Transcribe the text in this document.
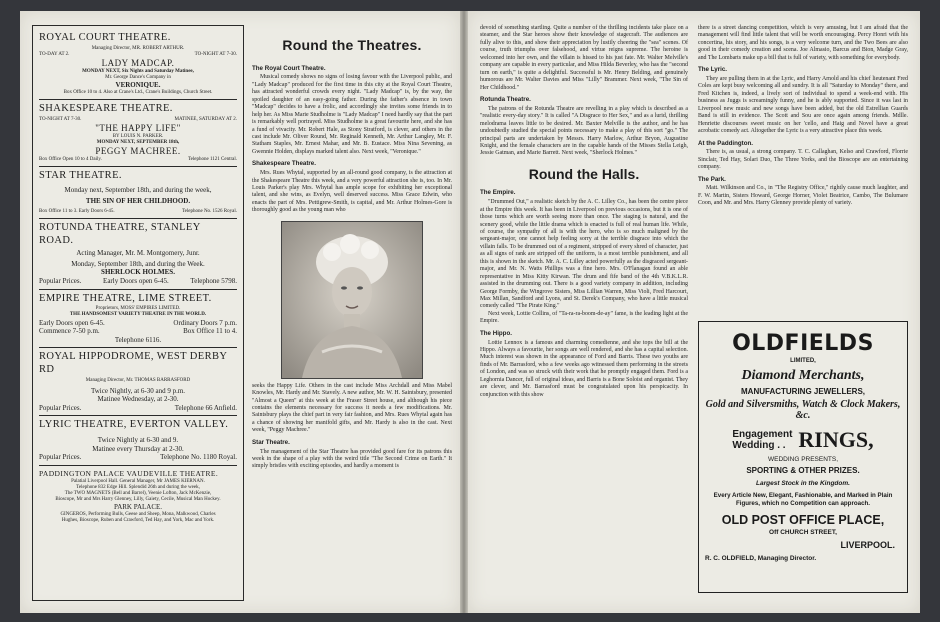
ROYAL COURT THEATRE.
Managing Director, MR. ROBERT ARTHUR.
TO-DAY AT 2.	TO-NIGHT AT 7-30.
LADY MADCAP.
MONDAY NEXT, Six Nights and Saturday Matinee,
Mr. George Dance's Company in
VERONIQUE.
Box Office 10 to 4. Also at Crane's Ltd., Crane's Buildings, Church Street.
SHAKESPEARE THEATRE.
TO-NIGHT AT 7-30.	MATINEE, SATURDAY AT 2.
"THE HAPPY LIFE"
BY LOUIS N. PARKER.
MONDAY NEXT, SEPTEMBER 18th,
PEGGY MACHREE.
Box Office Open 10 to 4 Daily.	Telephone 1121 Central.
STAR THEATRE.
Monday next, September 18th, and during the week,
THE SIN OF HER CHILDHOOD.
Box Office 11 to 3. Early Doors 6-45.	Telephone No. 1526 Royal.
ROTUNDA THEATRE, STANLEY ROAD.
Acting Manager, Mr. M. Montgomery, Junr.
Monday, September 18th, and during the Week.
SHERLOCK HOLMES.
Popular Prices.	Early Doors open 6-45.	Telephone 5798.
EMPIRE THEATRE, LIME STREET.
Proprietors, MOSS' EMPIRES LIMITED.
THE HANDSOMEST VARIETY THEATRE IN THE WORLD.
Early Doors open 6-45.	Ordinary Doors 7 p.m.
Commence 7-50 p.m.	Box Office 11 to 4.
Telephone 6116.
ROYAL HIPPODROME, WEST DERBY RD
Managing Director, Mr. THOMAS BARRASFORD
Twice Nightly, at 6-30 and 9 p.m.
Matinee Wednesday, at 2-30.
Popular Prices.	Telephone 66 Anfield.
LYRIC THEATRE, EVERTON VALLEY.
Twice Nightly at 6-30 and 9.
Matinee every Thursday at 2-30.
Popular Prices.	Telephone No. 1180 Royal.
PADDINGTON PALACE VAUDEVILLE THEATRE.
Palatial Liverpool Hall. General Manager, Mr JAMES KIERNAN.
Telephone 832 Edge Hill. Splendid 26th and during the week,
The TWO MAGNETS (Bell and Barrel), Veenie Lofton, Jack McKenzie,
Bioscope, Mr and Mrs Harry Glenney, Lilly, Gaiety, Cecile, Musical Man Hockey.
PARK PALACE.
GINGEROS, Performing Bulls, Geese and Sheep, Mona, Malkwood, Charles
Hughes, Bioscope, Ruben and Crawford, Ted Hay, and York, Mac and York.
Round the Theatres.
The Royal Court Theatre.

Musical comedy shows no signs of losing favour with the Liverpool public, and "Lady Madcap" produced for the first time in this city at the Royal Court Theatre, has attracted wonderful crowds every night. "Lady Madcap" is, by the way, the spoiled daughter of an easy-going father. During the father's absence in town "Madcap" decides to have a frolic, and accordingly she invites some friends in to help her. As Miss Marie Studholme is "Lady Madcap" I need hardly say that the part is remarkably well portrayed. Miss Studholme is a great favourite here, and she has a fund of vivacity. Mr. Robert Hale, as Stony Stratford, is clever, and others in the cast include Mr. Oliver Round, Mr. Reginald Kenneth, Mr. Arthur Langley, Mr. F. Statham Staples, Mr. Ernest Mahar, and Mr. B. Eustace. Miss Nina Sevening, as Gwennie Holden, displays marked talent also. Next week, "Veronique."

Shakespeare Theatre.

Mrs. Rues Whytal, supported by an all-round good company, is the attraction at the Shakespeare Theatre this week, and a very powerful attraction she is, too. In Mr. Louis Parker's play Mrs. Whytal has ample scope for exhibiting her exceptional talent, and she wins, as Evelyn, well deserved success. Miss Grace Edwin, who enacts the part of Mrs. Pettigrew-Smith, is capital, and Mr. Arthur Holmes-Gore is thoroughly good as the young man who

seeks the Happy Life. Others in the cast include Miss Archdall and Miss Mabel Knowles, Mr. Hardy and Mr. Stavely. A new author, Mr. W. H. Saintsbury, presented "Almost a Queen" at this week at the Fraser Street house, and although his piece contains the elements necessary for success it needs a few modifications. Mr. Saintsbury plays the chief part in very fair fashion, and Mrs. Rues Whytal again has a chance of showing her manifold gifts, and Mr. Hardy is also in the cast. Next week, "Peggy Machree."

Star Theatre.

The management of the Star Theatre has provided good fare for its patrons this week in the shape of a play with the weird title "The Second Crime on Earth." It simply bristles with exciting episodes, and hardly a moment is

devoid of something startling. Quite a number of the thrilling incidents take place on a steamer, and the Star heroes show their knowledge of stagecraft. The audiences are fully alive to this, and show their appreciation by lustily cheering the "sea" scenes. Of course, truth triumphs over falsehood, and virtue reigns supreme. The heroine is welcomed into her own, and the villain is hissed to his just fate. Mr. Walter Melville's company are capable in every particular, and Miss Hilda Beverley, who has the "second turn on earth," is quite a delightful. Successful is Mr. Henry Belding, and genuinely humorous are Mr. Walter Davies and Miss "Lilly" Brammer. Next week, "The Sin of Her Childhood."

Rotunda Theatre.

The patrons of the Rotunda Theatre are revelling in a play which is described as a "realistic every-day story." It is called "A Disgrace to Her Sex," and as a lurid, thrilling melodrama leaves little to be desired. Mr. Baxter Melville is the author, and he has undoubtedly studied the special points necessary to make a play of this sort "go." The principal parts are undertaken by Messrs. Harry Marlow, Arthur Bryon, Augustine Knight, and the female characters are in the capable hands of the Misses Stella Leigh, Jessie Gatman, and Marie Barrett. Next week, "Sherlock Holmes."

Round the Halls.
The Empire.

"Drummed Out," a realistic sketch by the A. C. Lilley Co., has been the centre piece at the Empire this week. It has been in Liverpool on previous occasions, but it is one of those turns which are worth seeing more than once. The staging is natural, and the scenery good, while the little drama which is enacted is full of real human life. While, of course, the sympathy of all is with the hero, who is so much maligned by the sergeant-major, one cannot help feeling sorry at the terrible disgrace into which the villain falls. To be drummed out of a regiment, stripped of every shred of character, just as all signs of rank are stripped off the uniform, is a most terrible punishment, and all this is shown in the sketch. Mr. A. C. Lilley acted powerfully as the disgraced sergeant-major, and Mr. N. Watts Phillips was a fine hero. Mrs. O'Flanagan found an able representative in Miss Kitty Kirwan. The drum and fife band of the 4th V.B.K.L.R. assisted in the drumming out. There is a good variety company in addition, including George Formby, the Wingrove Sisters, Miss Lillian Warren, Miss Violi, Fred Harcourt, Max Millan, Sandford and Lyons, and St. Derek's Company, who have a little musical comedy called "The Pirate King."

Next week, Lottie Collins, of "Ta-ra-ra-boom-de-ay" fame, is the leading light at the Empire.

The Hippo.

Lottie Lennox is a famous and charming comedienne, and she tops the bill at the Hippo. Always a favourite, her songs are well rendered, and she has a capital selection. Much interest was shown in the appearance of Ford and Barris. These two youths are finds of Mr. Barrasford, who a few weeks ago witnessed them performing in the streets of London, and was so struck with their work that he promptly engaged them. Ford is a Leghornia Dancer, full of original ideas, and Barris is a Bone Soloist and organist. They are clever, and Mr. Barrasford must be congratulated upon his perspicacity. In conjunction with this show

there is a street dancing competition, which is very amusing, but I am afraid that the management will find little talent that will be worth encouraging. Percy Honri with his concertina, his story, and his songs, is a very welcome turn, and the Two Bees are also good in their comedy creation and scena. Joe Almasio, Barcus and Bion, Madge Gray, and The Lombarts make up a bill that is full of variety, with something for everybody.

The Lyric.

They are pulling them in at the Lyric, and Harry Arnold and his chief lieutenant Fred Coles are kept busy welcoming all and sundry. It is all "Saturday to Monday" there, and Fred Kitchen is, indeed, a lively sort of individual to spend a week-end with. His business as Juggs is screamingly funny, and he is ably supported. Since it was last in Liverpool new music and new songs have been added, but the old Estrellian Guards Band is still in evidence. The Scott and Sou are once again among friends. Mdlle. Henriette discourses sweet music on her 'cello, and Haig and Novel have a great acrobatic comedy act. Altogether the Lyric is a very attractive place this week.

At the Paddington.

There is, as usual, a strong company. T. C. Callaghan, Kelso and Crawford, Florrie Sinclair, Ted Hay, Solari Duo, The Three Yorks, and the Bioscope are an entertaining company.

The Park.

Matt. Wilkinson and Co., in "The Registry Office," rightly cause much laughter, and F. W. Martin, Sisters Howard, George Horner, Violet Beatrice, Cambo, The Bulumare Coon, and Mr. and Mrs. Harry Glenney provide plenty of variety.

OLDFIELDS
LIMITED,
Diamond Merchants,
MANUFACTURING JEWELLERS,
Gold and Silversmiths, Watch & Clock Makers, &c.
Engagement
Wedding . . RINGS,
WEDDING PRESENTS,
SPORTING & OTHER PRIZES.
Largest Stock in the Kingdom.
Every Article New, Elegant, Fashionable, and Marked in Plain Figures, which no Competition can approach.
OLD POST OFFICE PLACE,
Off CHURCH STREET,
LIVERPOOL.
R. C. OLDFIELD, Managing Director.
